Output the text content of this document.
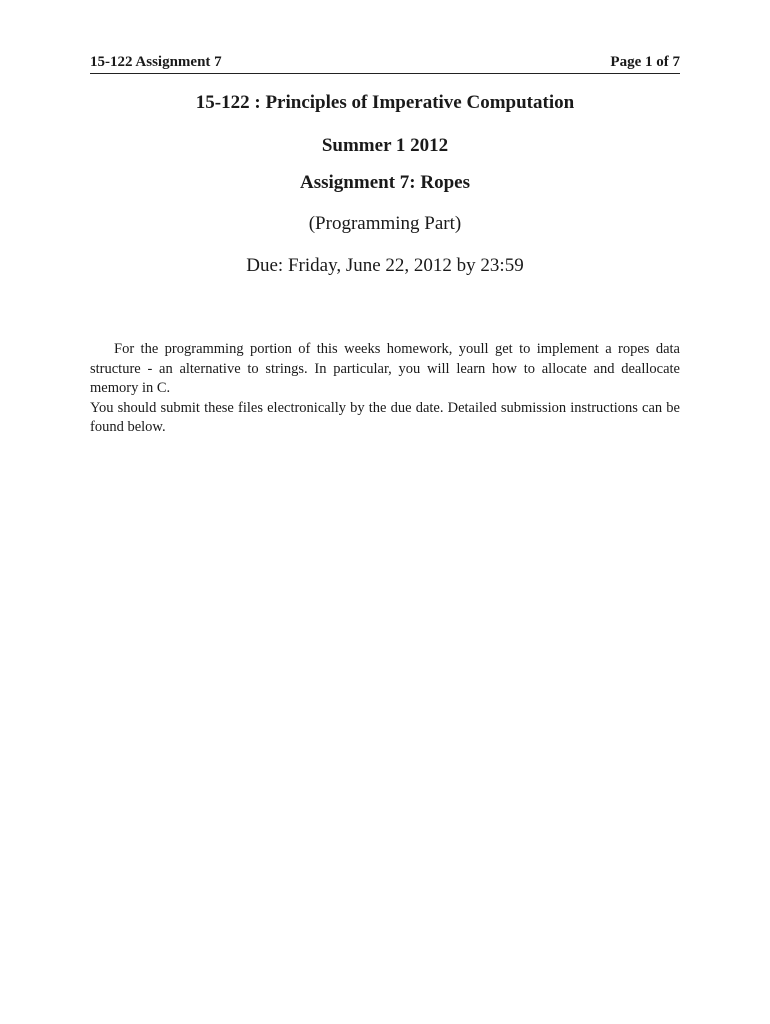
15-122 Assignment 7	Page 1 of 7
15-122 : Principles of Imperative Computation
Summer 1 2012
Assignment 7: Ropes
(Programming Part)
Due: Friday, June 22, 2012 by 23:59

For the programming portion of this weeks homework, youll get to implement a ropes data structure - an alternative to strings. In particular, you will learn how to allocate and deallocate memory in C.

You should submit these files electronically by the due date. Detailed submission instructions can be found below.
